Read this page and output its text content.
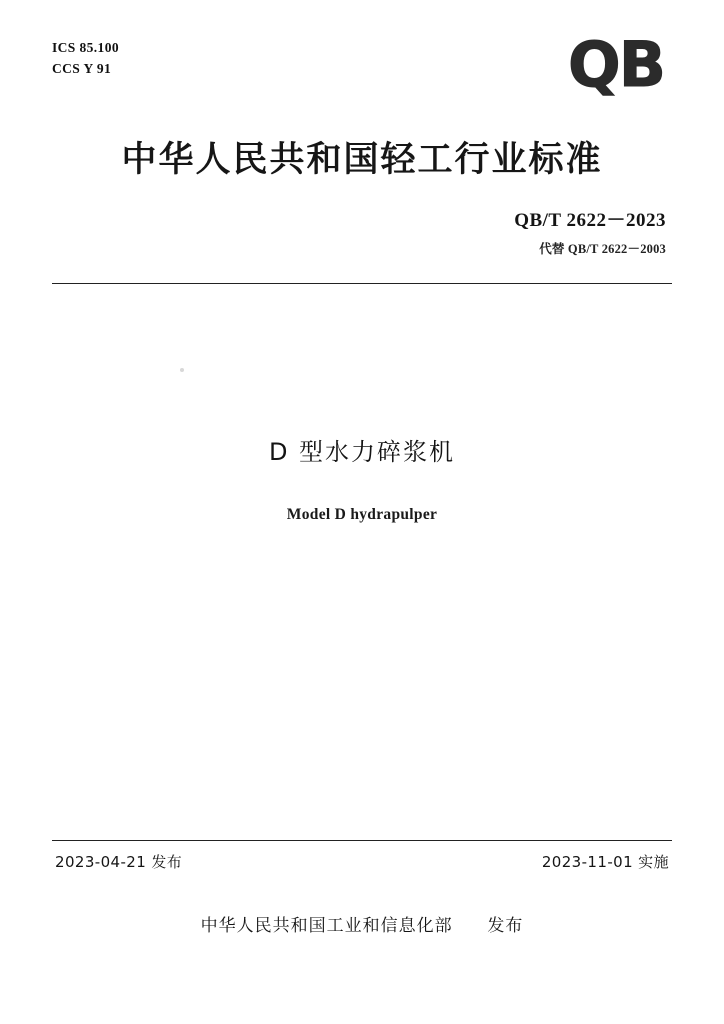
ICS 85.100
CCS Y 91	QB
中华人民共和国轻工行业标准
QB/T 2622－2023
代替 QB/T 2622－2003
D 型水力碎浆机
Model D hydrapulper
2023-04-21 发布	2023-11-01 实施
中华人民共和国工业和信息化部 发布
